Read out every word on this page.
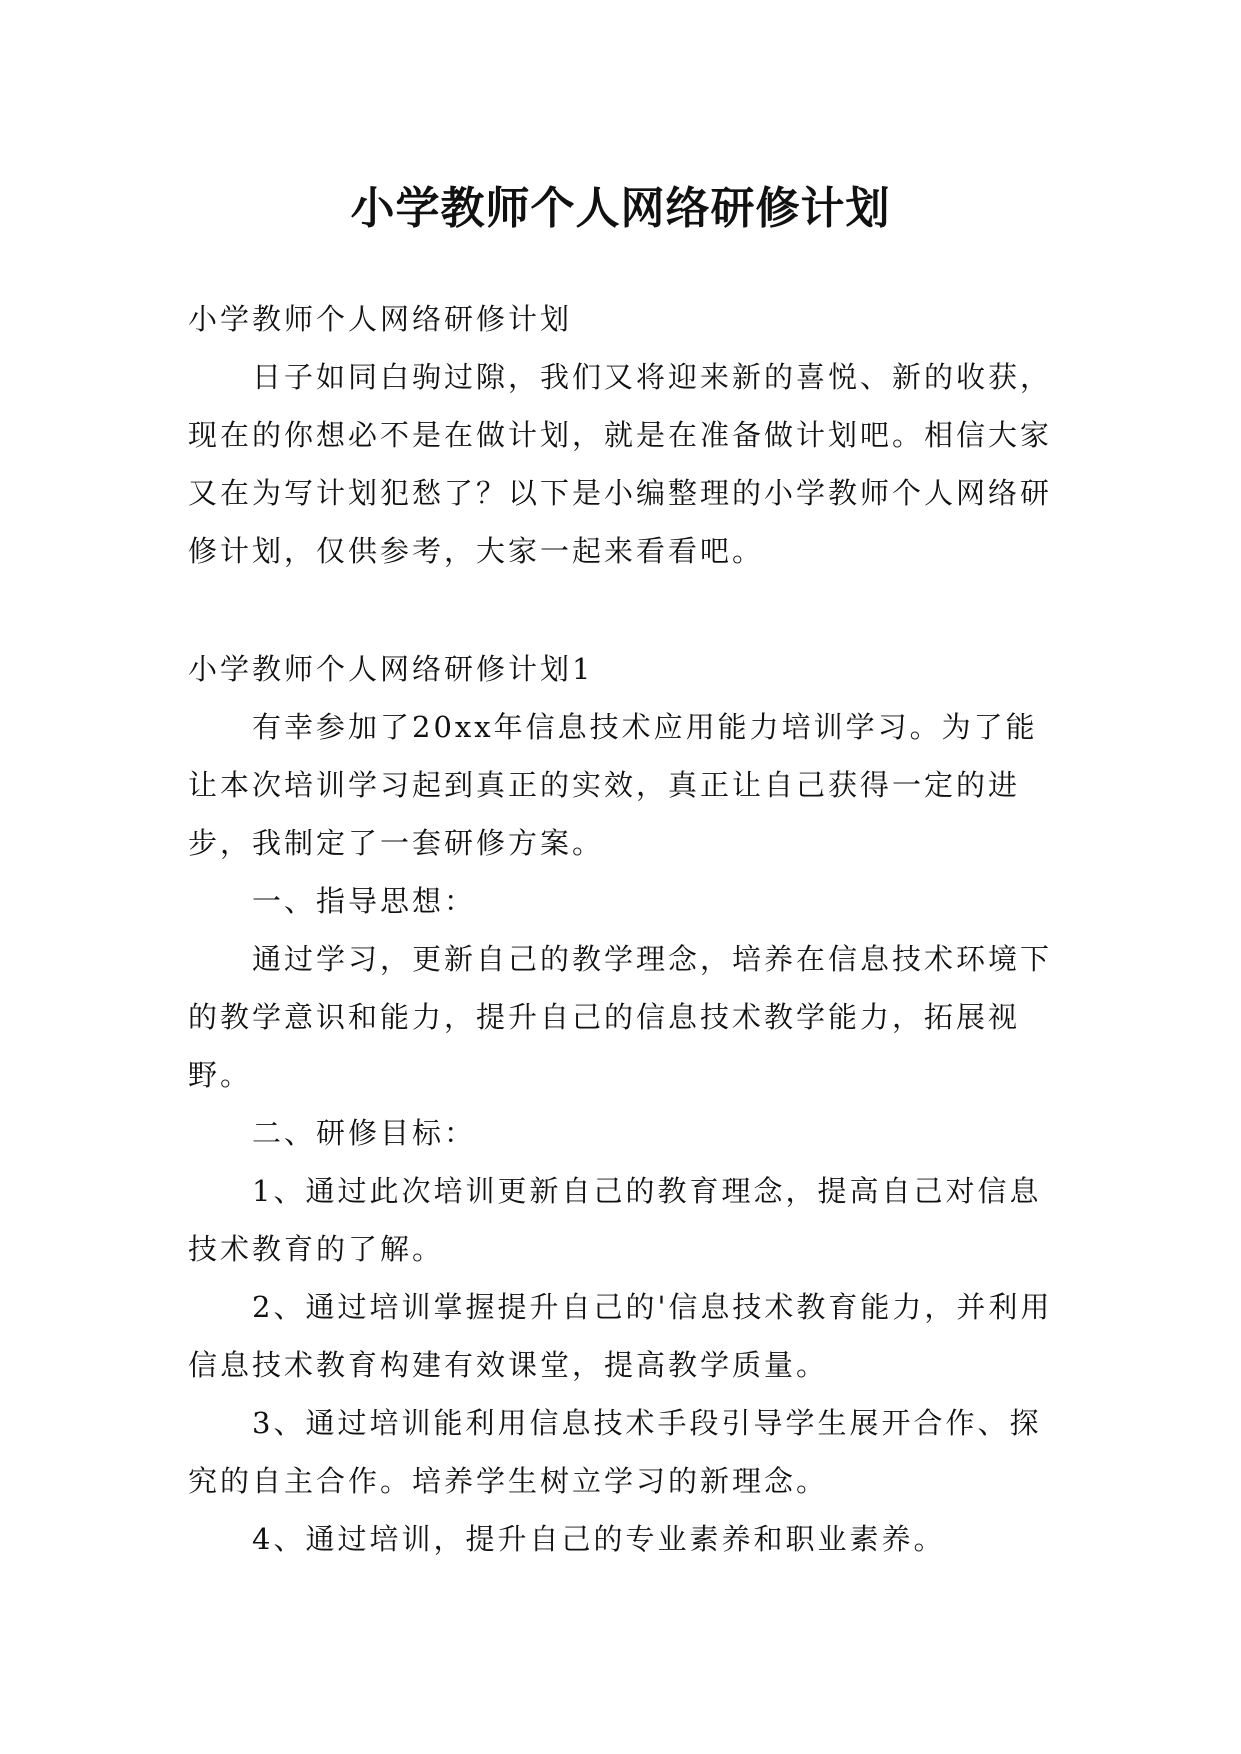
小学教师个人网络研修计划

小学教师个人网络研修计划

日子如同白驹过隙，我们又将迎来新的喜悦、新的收获，现在的你想必不是在做计划，就是在准备做计划吧。相信大家又在为写计划犯愁了？以下是小编整理的小学教师个人网络研修计划，仅供参考，大家一起来看看吧。

小学教师个人网络研修计划1

有幸参加了20xx年信息技术应用能力培训学习。为了能让本次培训学习起到真正的实效，真正让自己获得一定的进步，我制定了一套研修方案。

一、指导思想：

通过学习，更新自己的教学理念，培养在信息技术环境下的教学意识和能力，提升自己的信息技术教学能力，拓展视野。

二、研修目标：

1、通过此次培训更新自己的教育理念，提高自己对信息技术教育的了解。

2、通过培训掌握提升自己的'信息技术教育能力，并利用信息技术教育构建有效课堂，提高教学质量。

3、通过培训能利用信息技术手段引导学生展开合作、探究的自主合作。培养学生树立学习的新理念。

4、通过培训，提升自己的专业素养和职业素养。
